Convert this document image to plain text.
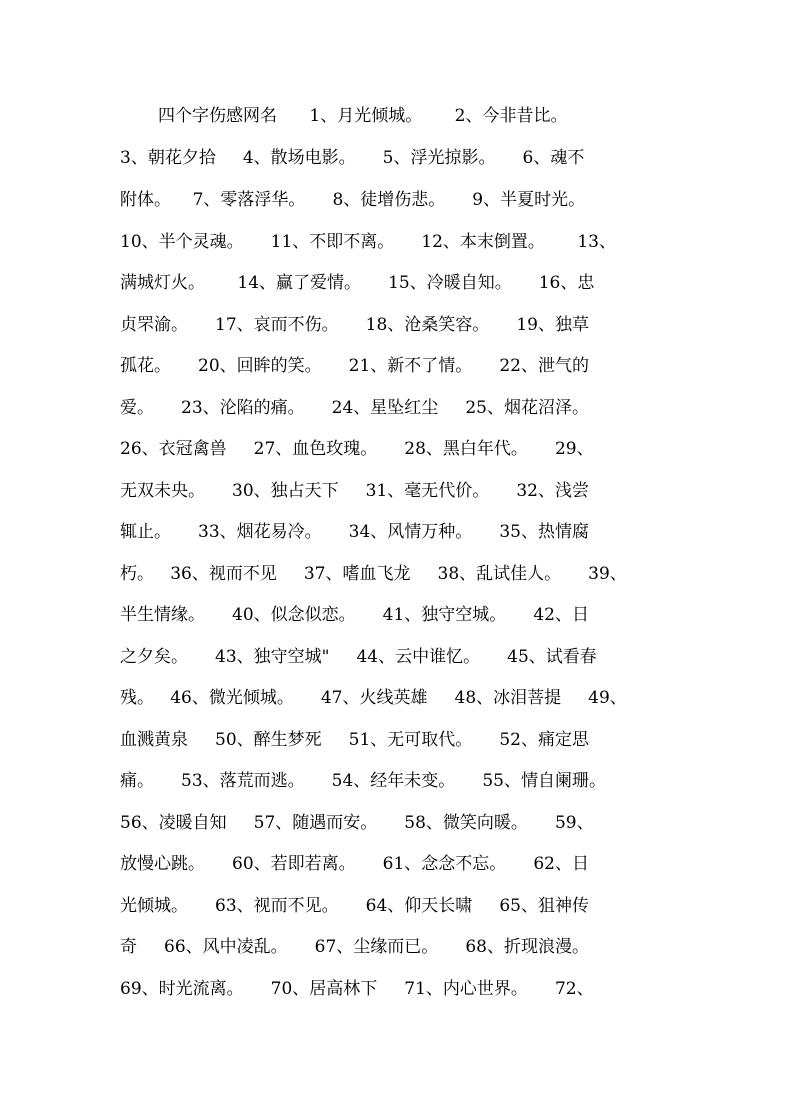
四个字伤感网名      1、月光倾城。      2、今非昔比。
3、朝花夕拾     4、散场电影。     5、浮光掠影。     6、魂不
附体。    7、零落浮华。     8、徒增伤悲。     9、半夏时光。
10、半个灵魂。     11、不即不离。     12、本末倒置。      13、
满城灯火。      14、赢了爱情。     15、冷暖自知。     16、忠
贞罘渝。     17、哀而不伤。     18、沧桑笑容。     19、独草
孤花。     20、回眸的笑。     21、新不了情。     22、泄气的
爱。     23、沦陷的痛。     24、星坠红尘     25、烟花沼泽。
26、衣冠禽兽     27、血色玫瑰。     28、黑白年代。     29、
无双未央。     30、独占天下     31、毫无代价。     32、浅尝
辄止。     33、烟花易冷。     34、风情万种。     35、热情腐
朽。   36、视而不见     37、嗜血飞龙     38、乱试佳人。     39、
半生情缘。     40、似念似恋。     41、独守空城。     42、日
之夕矣。     43、独守空城"     44、云中谁忆。     45、试看春
残。   46、微光倾城。     47、火线英雄     48、冰泪菩提     49、
血溅黄泉     50、醉生梦死     51、无可取代。     52、痛定思
痛。     53、落荒而逃。     54、经年未变。     55、情自阑珊。
56、凌暖自知     57、随遇而安。     58、微笑向暖。     59、
放慢心跳。     60、若即若离。     61、念念不忘。     62、日
光倾城。     63、视而不见。     64、仰天长啸     65、狙神传
奇     66、风中凌乱。     67、尘缘而已。     68、折现浪漫。
69、时光流离。     70、居高林下     71、内心世界。     72、
